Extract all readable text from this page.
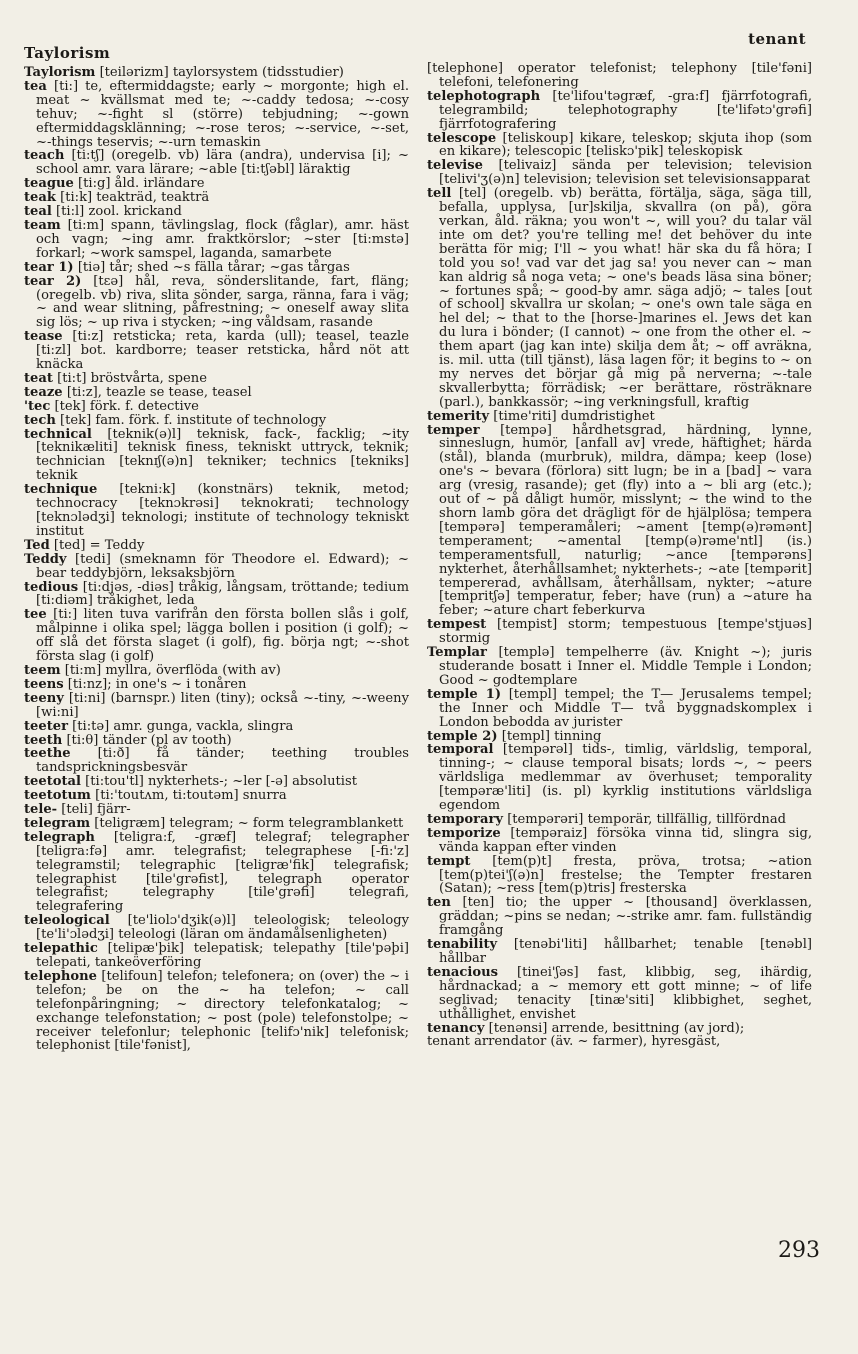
Taylorism
tenant

Taylorism [teilərizm] taylorsystem (tidsstudier)

tea [ti:] te, eftermiddagste; early ~ morgonte; high el. meat ~ kvällsmat med te; ~-caddy tedosa; ~-cosy tehuv; ~-fight sl (större) tebjudning; ~-gown eftermiddagsklänning; ~-rose teros; ~-service, ~-set, ~-things teservis; ~-urn temaskin

teach [ti:tʃ] (oregelb. vb) lära (andra), undervisa [i]; ~ school amr. vara lärare; ~able [ti:tʃəbl] läraktig

teague [ti:g] åld. irländare

teak [ti:k] teakträd, teakträ

teal [ti:l] zool. krickand

team [ti:m] spann, tävlingslag, flock (fåglar), amr. häst och vagn; ~ing amr. fraktkörslor; ~ster [ti:mstə] forkarl; ~work samspel, laganda, samarbete

tear 1) [tiə] tår; shed ~s fälla tårar; ~gas tårgas

tear 2) [tɛə] hål, reva, sönderslitande, fart, fläng; (oregelb. vb) riva, slita sönder, sarga, ränna, fara i väg; ~ and wear slitning, påfrestning; ~ oneself away slita sig lös; ~ up riva i stycken; ~ing våldsam, rasande

tease [ti:z] retsticka; reta, karda (ull); teasel, teazle [ti:zl] bot. kardborre; teaser retsticka, hård nöt att knäcka

teat [ti:t] bröstvårta, spene

teaze [ti:z], teazle se tease, teasel

'tec [tek] förk. f. detective

tech [tek] fam. förk. f. institute of technology

technical [teknik(ə)l] teknisk, fack-, facklig; ~ity [teknikæliti] teknisk finess, tekniskt uttryck, teknik; technician [teknɪʃ(ə)n] tekniker; technics [tekniks] teknik

technique [tekni:k] (konstnärs) teknik, metod; technocracy [teknɔkrəsi] teknokrati; technology [teknɔlədʒi] teknologi; institute of technology tekniskt institut

Ted [ted] = Teddy

Teddy [tedi] (smeknamn för Theodore el. Edward); ~ bear teddybjörn, leksaksbjörn

tedious [ti:djəs, -diəs] tråkig, långsam, tröttande; tedium [ti:diəm] tråkighet, leda

tee [ti:] liten tuva varifrån den första bollen slås i golf, målpinne i olika spel; lägga bollen i position (i golf); ~ off slå det första slaget (i golf), fig. börja ngt; ~-shot första slag (i golf)

teem [ti:m] myllra, överflöda (with av)

teens [ti:nz]; in one's ~ i tonåren

teeny [ti:ni] (barnspr.) liten (tiny); också ~-tiny, ~-weeny [wi:ni]

teeter [ti:tə] amr. gunga, vackla, slingra

teeth [ti:θ] tänder (pl av tooth)

teethe [ti:ð] få tänder; teething troubles tandsprickningsbesvär

teetotal [ti:tou'tl] nykterhets-; ~ler [-ə] absolutist

teetotum [ti:'toutʌm, ti:toutəm] snurra

tele- [teli] fjärr-

telegram [teligræm] telegram; ~ form telegramblankett

telegraph [teligra:f, -græf] telegraf; telegrapher [teligra:fə] amr. telegrafist; telegraphese [-fi:'z] telegramstil; telegraphic [teligræ'fik] telegrafisk; telegraphist [tile'grəfist], telegraph operator telegrafist; telegraphy [tile'grəfi] telegrafi, telegrafering

teleological [te'liolɔ'dʒik(ə)l] teleologisk; teleology [te'li'ɔlədʒi] teleologi (läran om ändamålsenligheten)

telepathic [telipæ'þik] telepatisk; telepathy [tile'pəþi] telepati, tankeöverföring

telephone [telifoun] telefon; telefonera; on (over) the ~ i telefon; be on the ~ ha telefon; ~ call telefonpåringning; ~ directory telefonkatalog; ~ exchange telefonstation; ~ post (pole) telefonstolpe; ~ receiver telefonlur; telephonic [telifɔ'nik] telefonisk; telephonist [tile'fənist],

[telephone] operator telefonist; telephony [tile'fəni] telefoni, telefonering

telephotograph [te'lifou'təgræf, -gra:f] fjärrfotografi, telegrambild; telephotography [te'lifətɔ'grəfi] fjärrfotografering

telescope [teliskoup] kikare, teleskop; skjuta ihop (som en kikare); telescopic [teliskɔ'pik] teleskopisk

televise [telivaiz] sända per television; television [telivi'ʒ(ə)n] television; television set televisionsapparat

tell [tel] (oregelb. vb) berätta, förtälja, säga, säga till, befalla, upplysa, [ur]skilja, skvallra (on på), göra verkan, åld. räkna; you won't ~, will you? du talar väl inte om det? you're telling me! det behöver du inte berätta för mig; I'll ~ you what! här ska du få höra; I told you so! vad var det jag sa! you never can ~ man kan aldrig så noga veta; ~ one's beads läsa sina böner; ~ fortunes spå; ~ good-by amr. säga adjö; ~ tales [out of school] skvallra ur skolan; ~ one's own tale säga en hel del; ~ that to the [horse-]marines el. Jews det kan du lura i bönder; (I cannot) ~ one from the other el. ~ them apart (jag kan inte) skilja dem åt; ~ off avräkna, is. mil. utta (till tjänst), läsa lagen för; it begins to ~ on my nerves det börjar gå mig på nerverna; ~-tale skvallerbytta; förrädisk; ~er berättare, rösträknare (parl.), bankkassör; ~ing verkningsfull, kraftig

temerity [time'riti] dumdristighet

temper [tempə] hårdhetsgrad, härdning, lynne, sinneslugn, humör, [anfall av] vrede, häftighet; härda (stål), blanda (murbruk), mildra, dämpa; keep (lose) one's ~ bevara (förlora) sitt lugn; be in a [bad] ~ vara arg (vresig, rasande); get (fly) into a ~ bli arg (etc.); out of ~ på dåligt humör, misslynt; ~ the wind to the shorn lamb göra det drägligt för de hjälplösa; tempera [tempərə] temperamåleri; ~ament [temp(ə)rəmənt] temperament; ~amental [temp(ə)rəme'ntl] (is.) temperamentsfull, naturlig; ~ance [tempərəns] nykterhet, återhållsamhet; nykterhets-; ~ate [tempərit] tempererad, avhållsam, återhållsam, nykter; ~ature [tempritʃə] temperatur, feber; have (run) a ~ature ha feber; ~ature chart feberkurva

tempest [tempist] storm; tempestuous [tempe'stjuəs] stormig

Templar [templə] tempelherre (äv. Knight ~); juris studerande bosatt i Inner el. Middle Temple i London; Good ~ godtemplare

temple 1) [templ] tempel; the T— Jerusalems tempel; the Inner och Middle T— två byggnadskomplex i London bebodda av jurister

temple 2) [templ] tinning

temporal [tempərəl] tids-, timlig, världslig, temporal, tinning-; ~ clause temporal bisats; lords ~, ~ peers världsliga medlemmar av överhuset; temporality [tempəræ'liti] (is. pl) kyrklig institutions världsliga egendom

temporary [tempərəri] temporär, tillfällig, tillfördnad

temporize [tempəraiz] försöka vinna tid, slingra sig, vända kappan efter vinden

tempt [tem(p)t] fresta, pröva, trotsa; ~ation [tem(p)tei'ʃ(ə)n] frestelse; the Tempter frestaren (Satan); ~ress [tem(p)tris] fresterska

ten [ten] tio; the upper ~ [thousand] överklassen, gräddan; ~pins se nedan; ~-strike amr. fam. fullständig framgång

tenability [tenəbi'liti] hållbarhet; tenable [tenəbl] hållbar

tenacious [tinei'ʃəs] fast, klibbig, seg, ihärdig, hårdnackad; a ~ memory ett gott minne; ~ of life seglivad; tenacity [tinæ'siti] klibbighet, seghet, uthållighet, envishet

tenancy [tenənsi] arrende, besittning (av jord);

tenant arrendator (äv. ~ farmer), hyresgäst,

293
